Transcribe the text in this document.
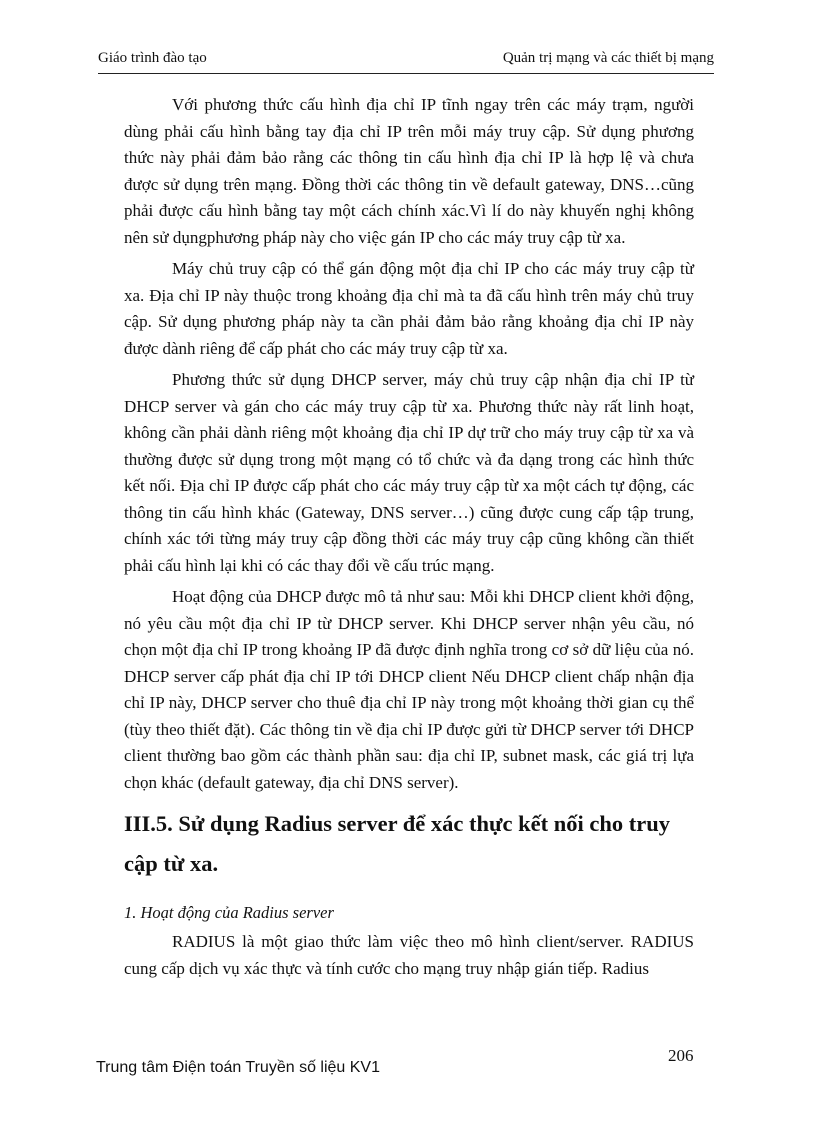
Giáo trình đào tạo	Quản trị mạng và các thiết bị mạng

Với phương thức cấu hình địa chỉ IP tĩnh ngay trên các máy trạm, người dùng phải cấu hình bằng tay địa chỉ IP trên mỗi máy truy cập. Sử dụng phương thức này phải đảm bảo rằng các thông tin cấu hình địa chỉ IP là hợp lệ và chưa được sử dụng trên mạng. Đồng thời các thông tin về default gateway, DNS…cũng phải được cấu hình bằng tay một cách chính xác.Vì lí do này khuyến nghị không nên sử dụngphương pháp này cho việc gán IP cho các máy truy cập từ xa.

Máy chủ truy cập có thể gán động một địa chỉ IP cho các máy truy cập từ xa. Địa chỉ IP này thuộc trong khoảng địa chỉ mà ta đã cấu hình trên máy chủ truy cập. Sử dụng phương pháp này ta cần phải đảm bảo rằng khoảng địa chỉ IP này được dành riêng để cấp phát cho các máy truy cập từ xa.

Phương thức sử dụng DHCP server, máy chủ truy cập nhận địa chỉ IP từ DHCP server và gán cho các máy truy cập từ xa. Phương thức này rất linh hoạt, không cần phải dành riêng một khoảng địa chỉ IP dự trữ cho máy truy cập từ xa và thường được sử dụng trong một mạng có tổ chức và đa dạng trong các hình thức kết nối. Địa chỉ IP được cấp phát cho các máy truy cập từ xa một cách tự động, các thông tin cấu hình khác (Gateway, DNS server…) cũng được cung cấp tập trung, chính xác tới từng máy truy cập đồng thời các máy truy cập cũng không cần thiết phải cấu hình lại khi có các thay đổi về cấu trúc mạng.

Hoạt động của DHCP được mô tả như sau: Mỗi khi DHCP client khởi động, nó yêu cầu một địa chỉ IP từ DHCP server. Khi DHCP server nhận yêu cầu, nó chọn một địa chỉ IP trong khoảng IP đã được định nghĩa trong cơ sở dữ liệu của nó. DHCP server cấp phát địa chỉ IP tới DHCP client Nếu DHCP client chấp nhận địa chỉ IP này, DHCP server cho thuê địa chỉ IP này trong một khoảng thời gian cụ thể (tùy theo thiết đặt). Các thông tin về địa chỉ IP được gửi từ DHCP server tới DHCP client thường bao gồm các thành phần sau: địa chỉ IP, subnet mask, các giá trị lựa chọn khác (default gateway, địa chỉ DNS server).

III.5. Sử dụng Radius server để xác thực kết nối cho truy cập từ xa.

1. Hoạt động của Radius server

RADIUS là một giao thức làm việc theo mô hình client/server. RADIUS cung cấp dịch vụ xác thực và tính cước cho mạng truy nhập gián tiếp. Radius

206
Trung tâm Điện toán Truyền số liệu KV1
